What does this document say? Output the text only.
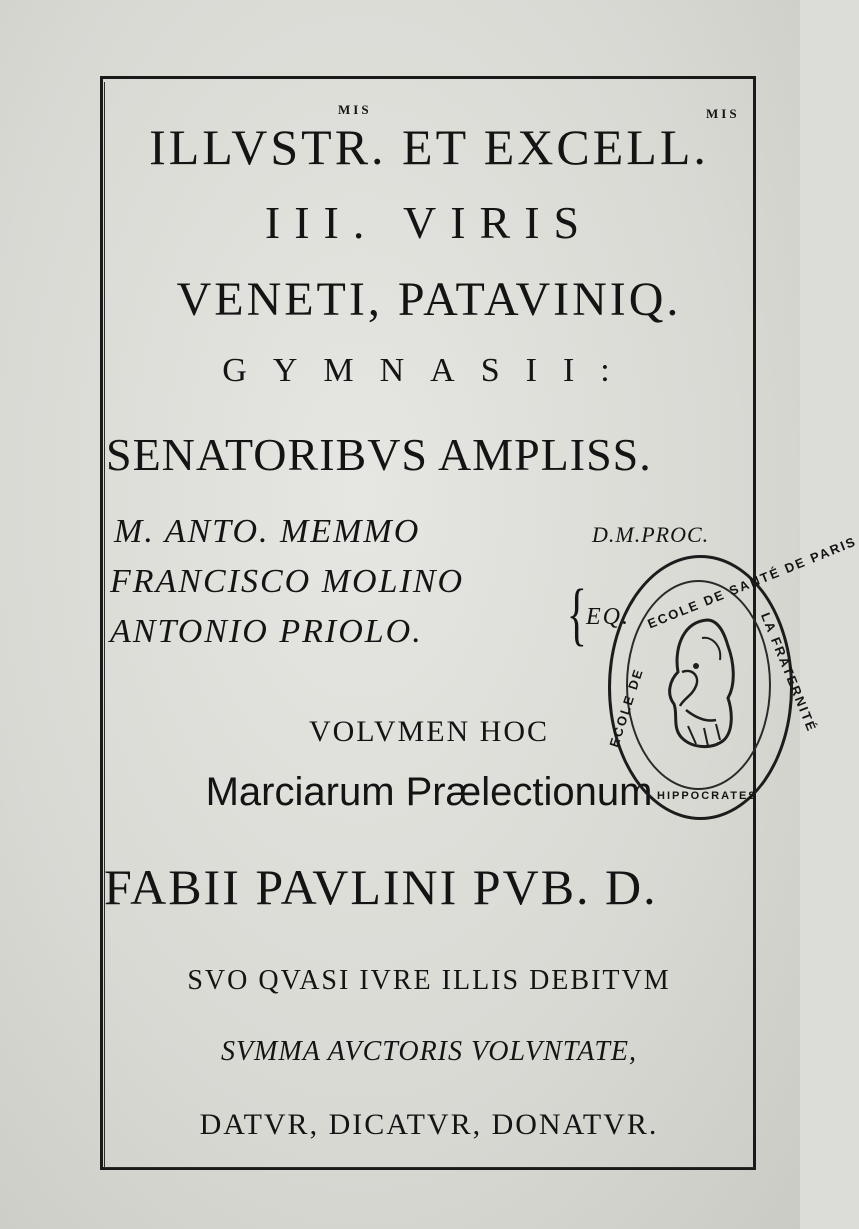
MIS	MIS
ILLVSTR. ET EXCELL.
III. VIRIS
VENETI, PATAVINIQ.
GYMNASII:
SENATORIBVS AMPLISS.
M. ANTO. MEMMO	D.M.PROC.
FRANCISCO MOLINO
ANTONIO PRIOLO.	{ EQ.
VOLVMEN HOC
Marciarum Prælectionum
FABII PAVLINI PVB. D.
SVO QVASI IVRE ILLIS DEBITVM
SVMMA AVCTORIS VOLVNTATE,
DATVR, DICATVR, DONATVR.
ECOLE DE SANTÉ DE PARIS
LA FRATERNITÉ
ECOLE DE
HIPPOCRATES
